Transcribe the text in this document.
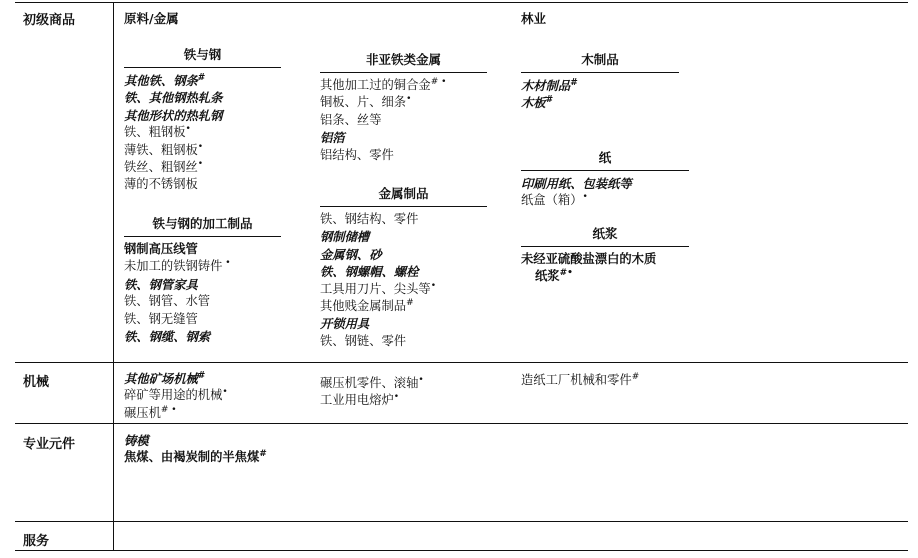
初级商品
机械
专业元件
服务
原料/金属	林业
铁与钢
其他铁、钢条#
铁、其他钢热轧条
其他形状的热轧钢
铁、粗钢板•
薄铁、粗钢板•
铁丝、粗钢丝•
薄的不锈钢板
铁与钢的加工制品
钢制高压线管
未加工的铁钢铸件 •
铁、钢管家具
铁、钢管、水管
铁、钢无缝管
铁、钢缆、钢索
非亚铁类金属
其他加工过的铜合金# •
铜板、片、细条•
铝条、丝等
铝箔
铝结构、零件
金属制品
铁、钢结构、零件
钢制储槽
金属钢、砂
铁、钢螺帽、螺栓
工具用刀片、尖头等•
其他贱金属制品#
开锁用具
铁、钢链、零件
木制品
木材制品#
木板#
纸
印刷用纸、包装纸等
纸盒（箱）•
纸浆
未经亚硫酸盐漂白的木质
纸浆#•
其他矿场机械#
碎矿等用途的机械•
碾压机# •
碾压机零件、滚轴•
工业用电熔炉•
造纸工厂机械和零件#
铸模
焦煤、由褐炭制的半焦煤#
